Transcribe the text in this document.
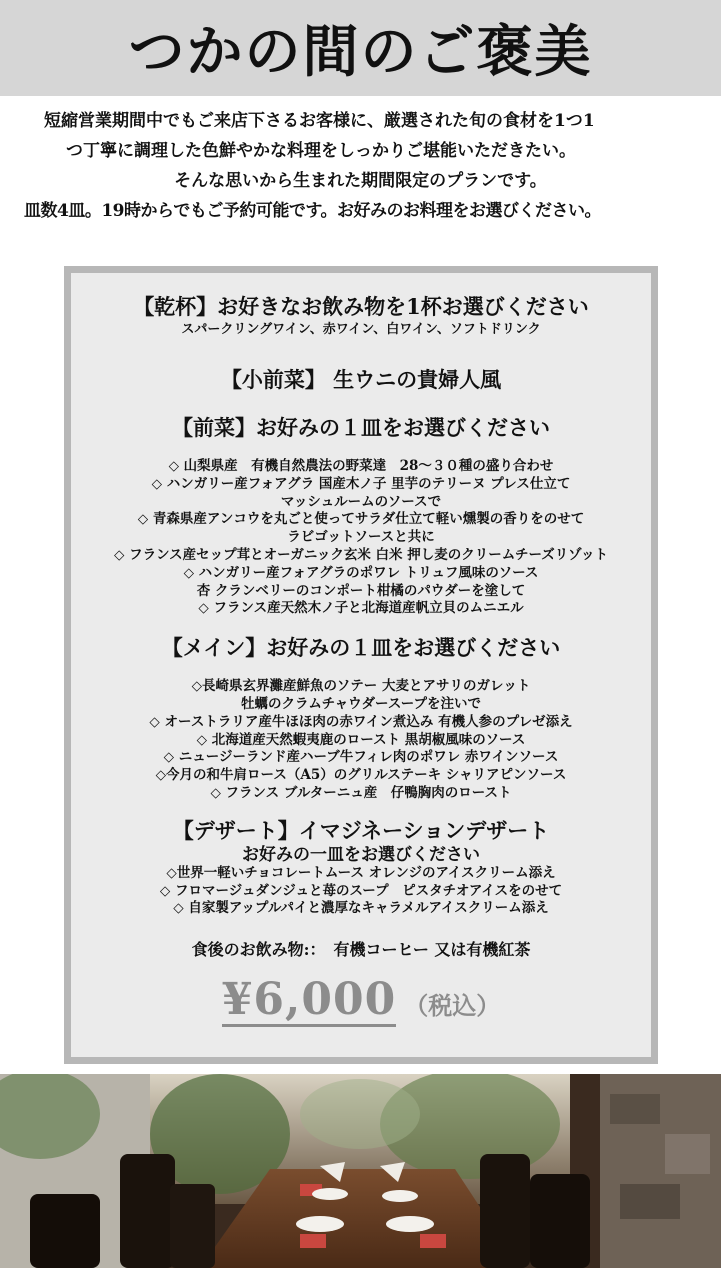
つかの間のご褒美

短縮営業期間中でもご来店下さるお客様に、厳選された旬の食材を1つ1

つ丁寧に調理した色鮮やかな料理をしっかりご堪能いただきたい。

そんな思いから生まれた期間限定のプランです。

皿数4皿。19時からでもご予約可能です。お好みのお料理をお選びください。

【乾杯】お好きなお飲み物を1杯お選びください

スパークリングワイン、赤ワイン、白ワイン、ソフトドリンク

【小前菜】 生ウニの貴婦人風

【前菜】お好みの１皿をお選びください

◇ 山梨県産　有機自然農法の野菜達　28～３０種の盛り合わせ
◇ ハンガリー産フォアグラ 国産木ノ子 里芋のテリーヌ プレス仕立て
マッシュルームのソースで
◇ 青森県産アンコウを丸ごと使ってサラダ仕立て軽い燻製の香りをのせて
ラビゴットソースと共に
◇ フランス産セップ茸とオーガニック玄米 白米 押し麦のクリームチーズリゾット
◇ ハンガリー産フォアグラのポワレ トリュフ風味のソース
杏 クランベリーのコンポート柑橘のパウダーを塗して
◇ フランス産天然木ノ子と北海道産帆立貝のムニエル

【メイン】お好みの１皿をお選びください

◇長崎県玄界灘産鮮魚のソテー 大麦とアサリのガレット
牡蠣のクラムチャウダースープを注いで
◇ オーストラリア産牛ほほ肉の赤ワイン煮込み 有機人参のプレゼ添え
◇ 北海道産天然蝦夷鹿のロースト 黒胡椒風味のソース
◇ ニュージーランド産ハーブ牛フィレ肉のポワレ 赤ワインソース
◇今月の和牛肩ロース（A5）のグリルステーキ シャリアピンソース
◇ フランス ブルターニュ産　仔鴨胸肉のロースト

【デザート】イマジネーションデザート

お好みの一皿をお選びください

◇世界一軽いチョコレートムース オレンジのアイスクリーム添え
◇ フロマージュダンジュと苺のスープ　ピスタチオアイスをのせて
◇ 自家製アップルパイと濃厚なキャラメルアイスクリーム添え

食後のお飲み物:：　有機コーヒー 又は有機紅茶

¥6,000 （税込）
